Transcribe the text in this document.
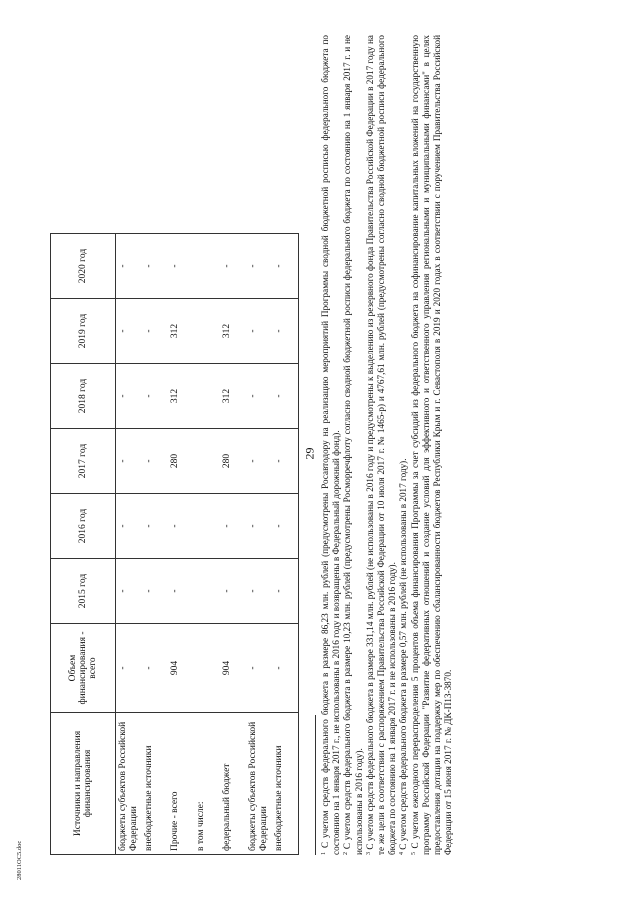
29
Источники и направления финансирования	Объем финансирования - всего	2015 год	2016 год	2017 год	2018 год	2019 год	2020 год
бюджеты субъектов Российской Федерации	-	-	-	-	-	-	-
внебюджетные источники	-	-	-	-	-	-	-
Прочие - всего	904	-	-	280	312	312	-
в том числе:							
федеральный бюджет	904	-	-	280	312	312	-
бюджеты субъектов Российской Федерации	-	-	-	-	-	-	-
внебюджетные источники	-	-	-	-	-	-	-
$^1$ С учетом средств федерального бюджета в размере 86,23 млн. рублей (предусмотрены Росавтодору на реализацию мероприятий Программы сводной бюджетной росписью федерального бюджета по состоянию на 1 января 2017 г., не использованы в 2016 году и возвращены в Федеральный дорожный фонд). $^2$ С учетом средств федерального бюджета в размере 10,23 млн. рублей (предусмотрены Росморречфлоту согласно сводной бюджетной росписи федерального бюджета по состоянию на 1 января 2017 г. и не использованы в 2016 году). $^3$ С учетом средств федерального бюджета в размере 331,14 млн. рублей (не использованы в 2016 году и предусмотрены к выделению из резервного фонда Правительства Российской Федерации в 2017 году на те же цели в соответствии с распоряжением Правительства Российской Федерации от 10 июля 2017 г. № 1465-р) и 4767,61 млн. рублей (предусмотрены согласно сводной бюджетной росписи федерального бюджета по состоянию на 1 января 2017 г. и не использованы в 2016 году). $^4$ С учетом средств федерального бюджета в размере 0,57 млн. рублей (не использованы в 2017 году).
$^5$ С учетом ежегодного перераспределения 5 процентов объема финансирования Программы за счет субсидий из федерального бюджета на софинансирование капитальных вложений на государственную программу Российской Федерации "Развитие федеративных отношений и создание условий для эффективного и ответственного управления региональными и муниципальными финансами" в целях предоставления дотации на поддержку мер по обеспечению сбалансированности бюджетов Республики Крым и г. Севастополя в 2019 и 2020 годах в соответствии с поручением Правительства Российской Федерации от 15 июня 2017 г. № ДК-П13-3870.
28011OC5.doc
